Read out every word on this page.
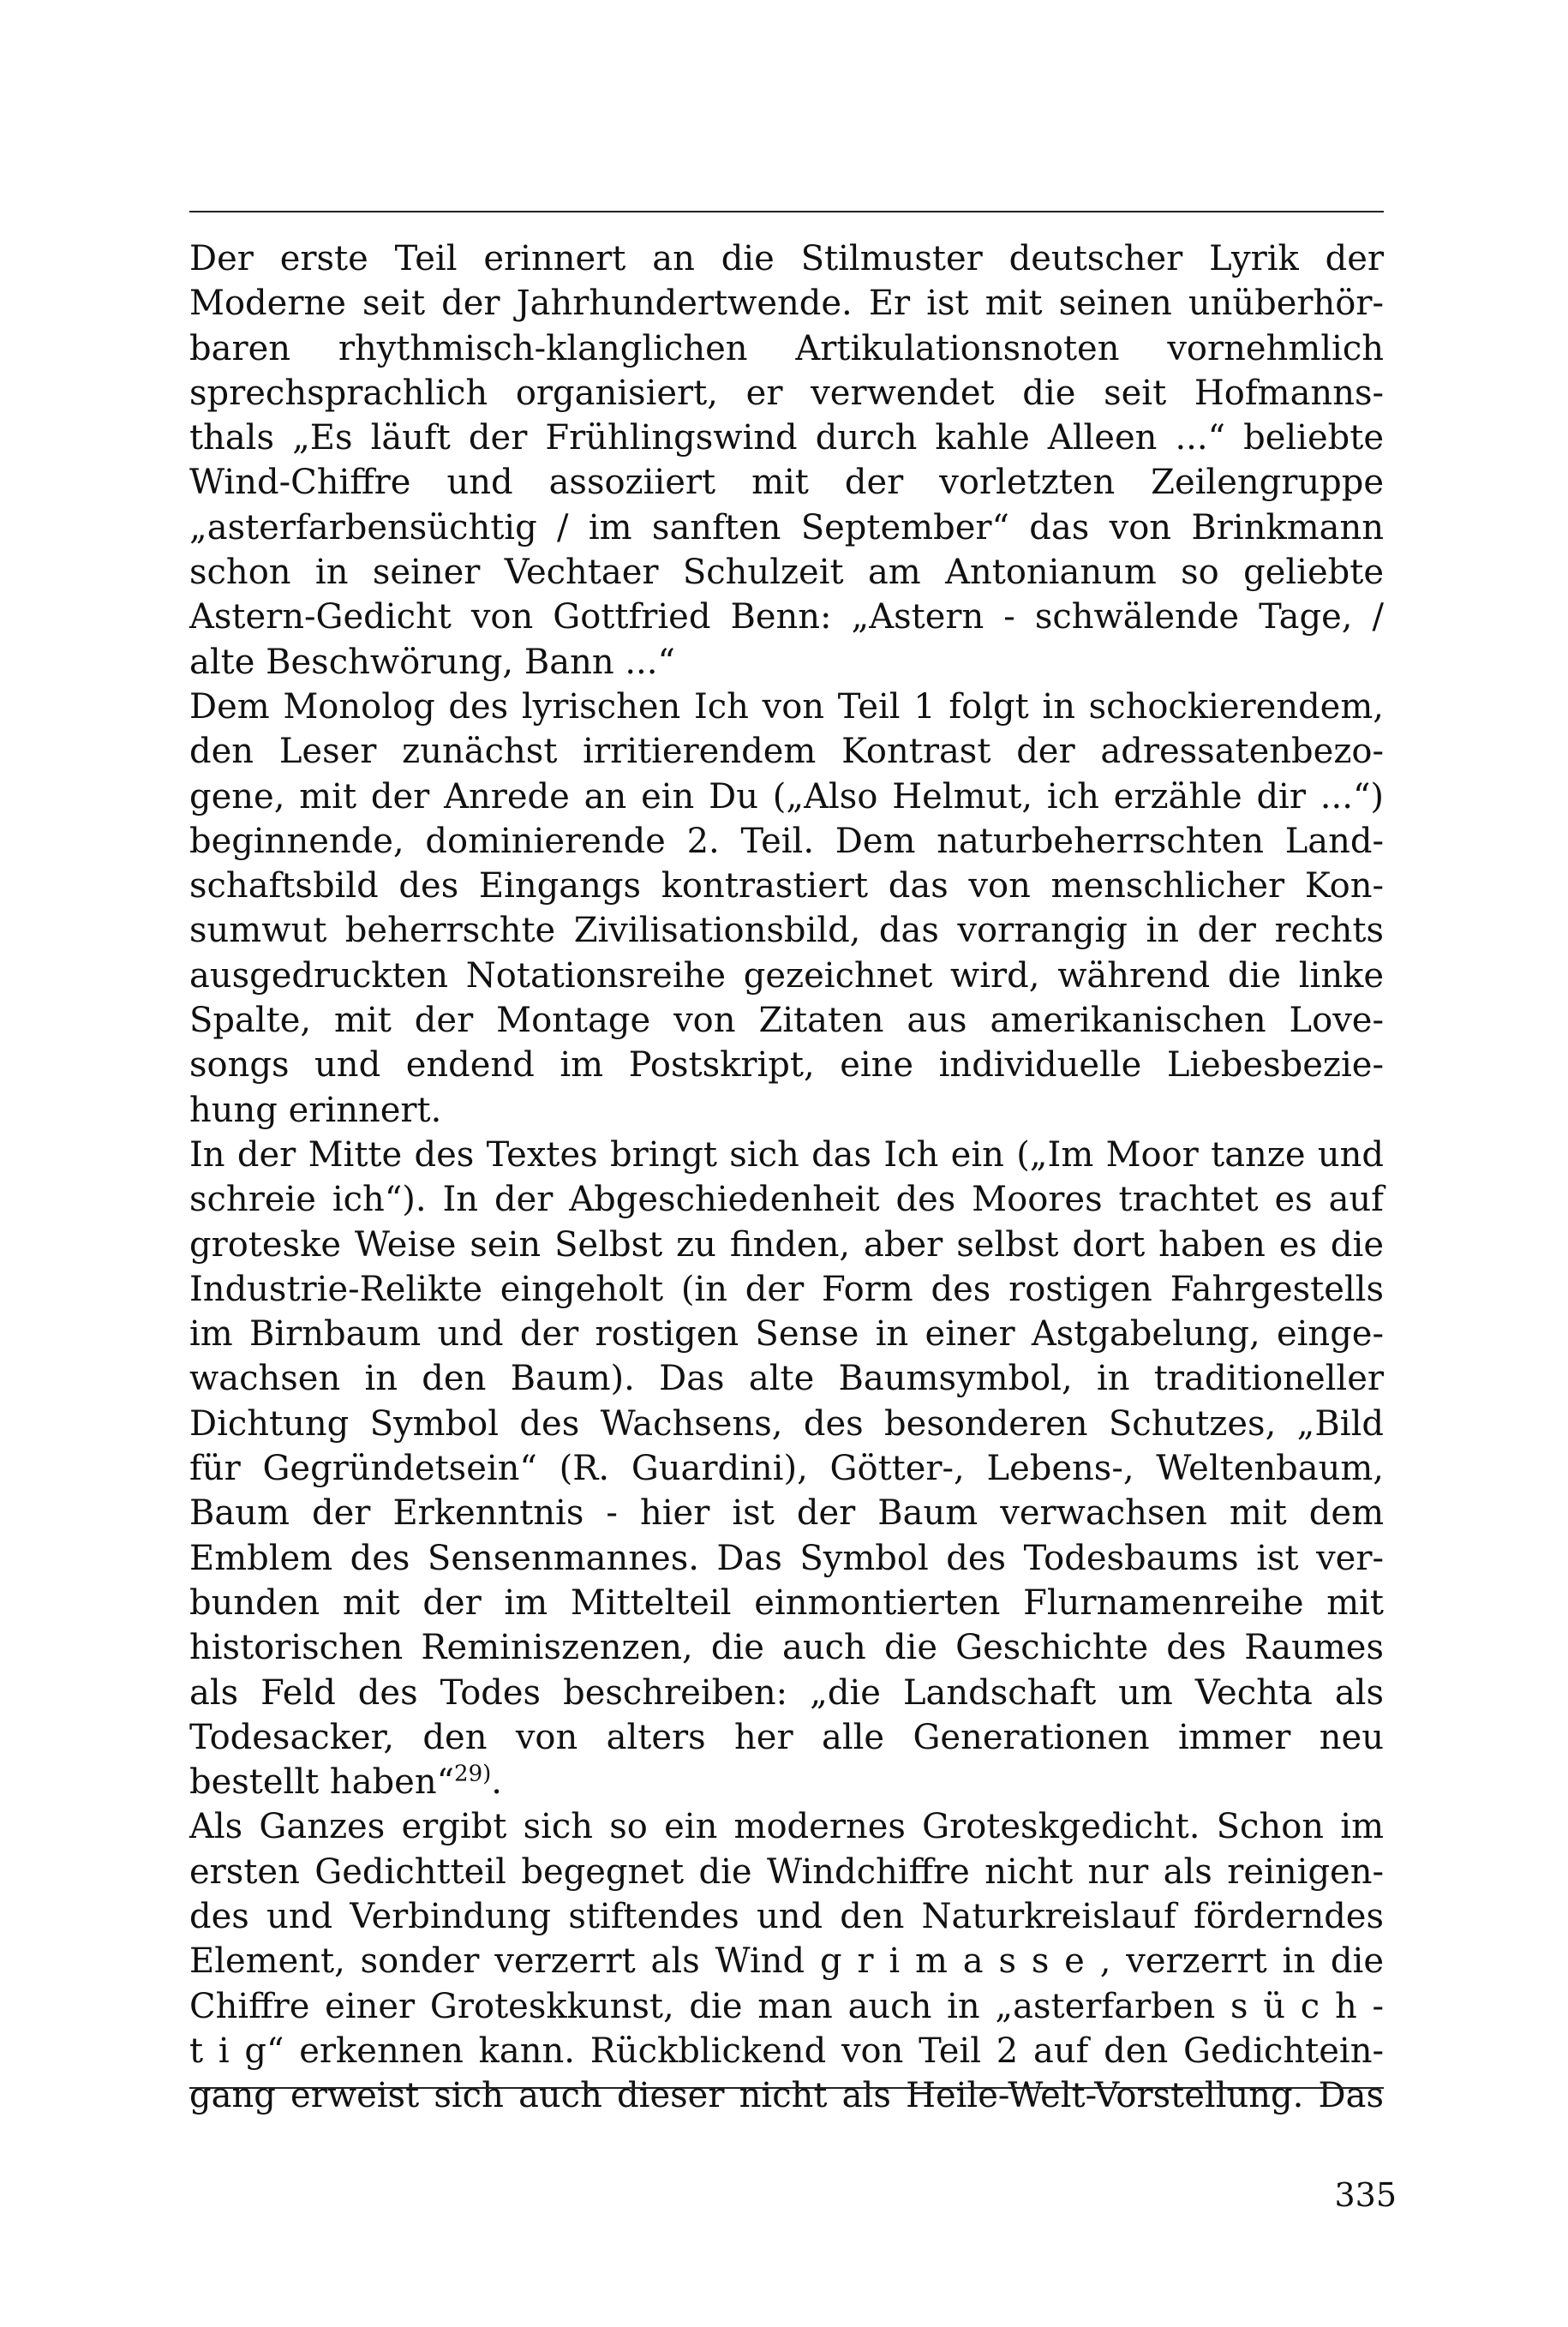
Der erste Teil erinnert an die Stilmuster deutscher Lyrik der
Moderne seit der Jahrhundertwende. Er ist mit seinen unüberhör-
baren rhythmisch-klanglichen Artikulationsnoten vornehmlich
sprechsprachlich organisiert, er verwendet die seit Hofmanns-
thals „Es läuft der Frühlingswind durch kahle Alleen ...“ beliebte
Wind-Chiffre und assoziiert mit der vorletzten Zeilengruppe
„asterfarbensüchtig / im sanften September“ das von Brinkmann
schon in seiner Vechtaer Schulzeit am Antonianum so geliebte
Astern-Gedicht von Gottfried Benn: „Astern - schwälende Tage, /
alte Beschwörung, Bann ...“
Dem Monolog des lyrischen Ich von Teil 1 folgt in schockierendem,
den Leser zunächst irritierendem Kontrast der adressatenbezo-
gene, mit der Anrede an ein Du („Also Helmut, ich erzähle dir ...“)
beginnende, dominierende 2. Teil. Dem naturbeherrschten Land-
schaftsbild des Eingangs kontrastiert das von menschlicher Kon-
sumwut beherrschte Zivilisationsbild, das vorrangig in der rechts
ausgedruckten Notationsreihe gezeichnet wird, während die linke
Spalte, mit der Montage von Zitaten aus amerikanischen Love-
songs und endend im Postskript, eine individuelle Liebesbezie-
hung erinnert.
In der Mitte des Textes bringt sich das Ich ein („Im Moor tanze und
schreie ich“). In der Abgeschiedenheit des Moores trachtet es auf
groteske Weise sein Selbst zu finden, aber selbst dort haben es die
Industrie-Relikte eingeholt (in der Form des rostigen Fahrgestells
im Birnbaum und der rostigen Sense in einer Astgabelung, einge-
wachsen in den Baum). Das alte Baumsymbol, in traditioneller
Dichtung Symbol des Wachsens, des besonderen Schutzes, „Bild
für Gegründetsein“ (R. Guardini), Götter-, Lebens-, Weltenbaum,
Baum der Erkenntnis - hier ist der Baum verwachsen mit dem
Emblem des Sensenmannes. Das Symbol des Todesbaums ist ver-
bunden mit der im Mittelteil einmontierten Flurnamenreihe mit
historischen Reminiszenzen, die auch die Geschichte des Raumes
als Feld des Todes beschreiben: „die Landschaft um Vechta als
Todesacker, den von alters her alle Generationen immer neu
bestellt haben“$^{29)}$.
Als Ganzes ergibt sich so ein modernes Groteskgedicht. Schon im
ersten Gedichtteil begegnet die Windchiffre nicht nur als reinigen-
des und Verbindung stiftendes und den Naturkreislauf förderndes
Element, sonder verzerrt als Wind g r i m a s s e , verzerrt in die
Chiffre einer Groteskkunst, die man auch in „asterfarben s ü c h -
t i g“ erkennen kann. Rückblickend von Teil 2 auf den Gedichtein-
gang erweist sich auch dieser nicht als Heile-Welt-Vorstellung. Das
335
